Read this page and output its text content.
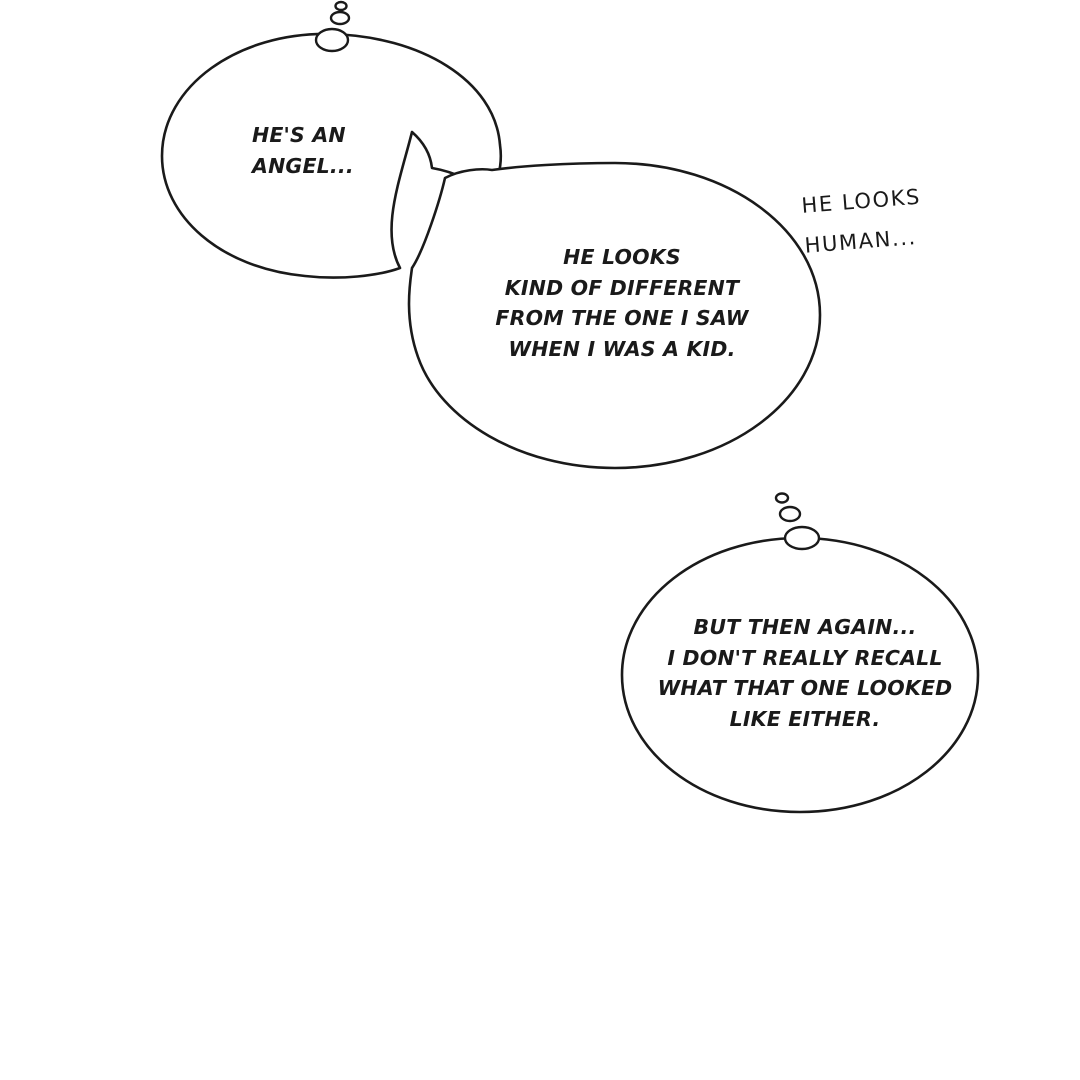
HE'S AN
ANGEL...
HE LOOKS
KIND OF DIFFERENT
FROM THE ONE I SAW
WHEN I WAS A KID.
BUT THEN AGAIN...
I DON'T REALLY RECALL
WHAT THAT ONE LOOKED
LIKE EITHER.
HE LOOKS
HUMAN...
